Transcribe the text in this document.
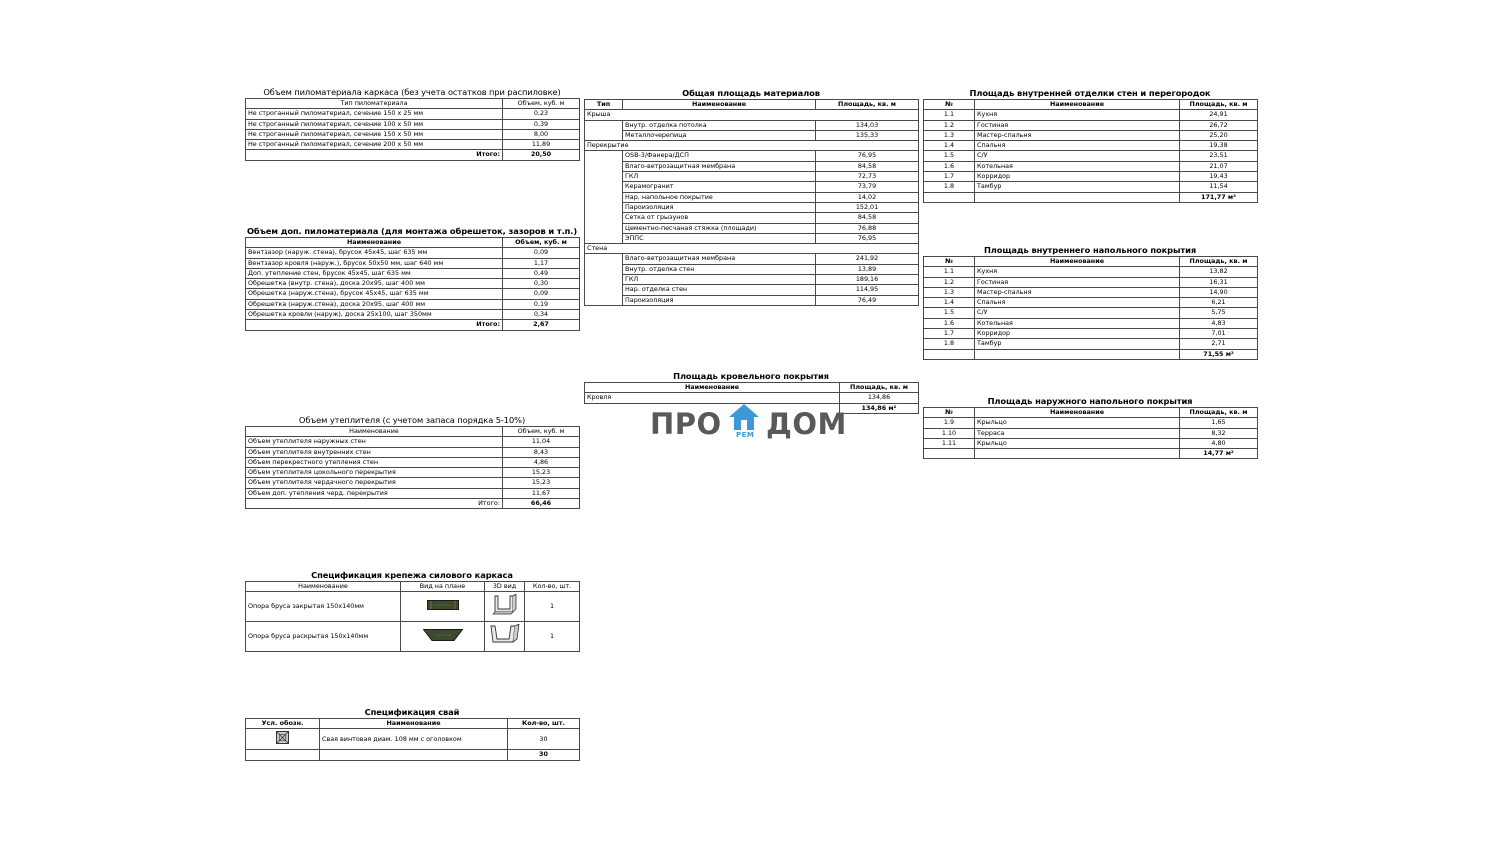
Объем пиломатериала каркаса (без учета остатков при распиловке)
Тип пиломатериала	Объем, куб. м
Не строганный пиломатериал, сечение 150 х 25 мм	0,23
Не строганный пиломатериал, сечение 100 х 50 мм	0,39
Не строганный пиломатериал, сечение 150 х 50 мм	8,00
Не строганный пиломатериал, сечение 200 х 50 мм	11,89
Итого:	20,50
Объем доп. пиломатериала (для монтажа обрешеток, зазоров и т.п.)
Наименование	Объем, куб. м
Вентзазор (наруж. стена), брусок 45х45, шаг 635 мм	0,09
Вентзазор кровля (наруж.), брусок 50х50 мм, шаг 640 мм	1,17
Доп. утепление стен, брусок 45х45, шаг 635 мм	0,49
Обрешетка (внутр. стена), доска 20х95, шаг 400 мм	0,30
Обрешетка (наруж.стена), брусок 45х45, шаг 635 мм	0,09
Обрешетка (наруж.стена), доска 20х95, шаг 400 мм	0,19
Обрешетка кровли (наруж), доска 25х100, шаг 350мм	0,34
Итого:	2,67
Объем утеплителя (с учетом запаса порядка 5-10%)
Наименование	Объем, куб. м
Объем утеплителя наружных стен	11,04
Объем утеплителя внутренних стен	8,43
Объем перекрестного утепления стен	4,86
Объем утеплителя цокольного перекрытия	15,23
Объем утеплителя чердачного перекрытия	15,23
Объем доп. утепления черд. перекрытия	11,67
Итого:	66,46
Спецификация крепежа силового каркаса
Наименование	Вид на плане	3D вид	Кол-во, шт.
Опора бруса закрытая 150х140мм			1
Опора бруса раскрытая 150х140мм			1
Спецификация свай
Усл. обозн.	Наименование	Кол-во, шт.
	Свая винтовая диам. 108 мм с оголовком	30
		30
Общая площадь материалов
Тип	Наименование	Площадь, кв. м
Крыша		
	Внутр. отделка потолка	134,03
	Металлочерепица	135,33
Перекрытие		
	OSB-3/Фанера/ДСП	76,95
	Влаго-ветрозащитная мембрана	84,58
	ГКЛ	72,73
	Керамогранит	73,79
	Нар. напольное покрытие	14,02
	Пароизоляция	152,01
	Сетка от грызунов	84,58
	Цементно-песчаная стяжка (площади)	76,88
	ЭППС	76,95
Стена		
	Влаго-ветрозащитная мембрана	241,92
	Внутр. отделка стен	13,89
	ГКЛ	189,16
	Нар. отделка стен	114,95
	Пароизоляция	76,49
Площадь кровельного покрытия
Наименование	Площадь, кв. м
Кровля	134,86
	134,86 м²
ПРО РЕМ ДОМ
Площадь внутренней отделки стен и перегородок
№	Наименование	Площадь, кв. м
1.1	Кухня	24,91
1.2	Гостиная	26,72
1.3	Мастер-спальня	25,20
1.4	Спальня	19,38
1.5	С/У	23,51
1.6	Котельная	21,07
1.7	Корридор	19,43
1.8	Тамбур	11,54
		171,77 м²
Площадь внутреннего напольного покрытия
№	Наименование	Площадь, кв. м
1.1	Кухня	13,82
1.2	Гостиная	16,31
1.3	Мастер-спальня	14,90
1.4	Спальня	6,21
1.5	С/У	5,75
1.6	Котельная	4,83
1.7	Корридор	7,01
1.8	Тамбур	2,71
		71,55 м²
Площадь наружного напольного покрытия
№	Наименование	Площадь, кв. м
1.9	Крыльцо	1,65
1.10	Терраса	8,32
1.11	Крыльцо	4,80
		14,77 м²
